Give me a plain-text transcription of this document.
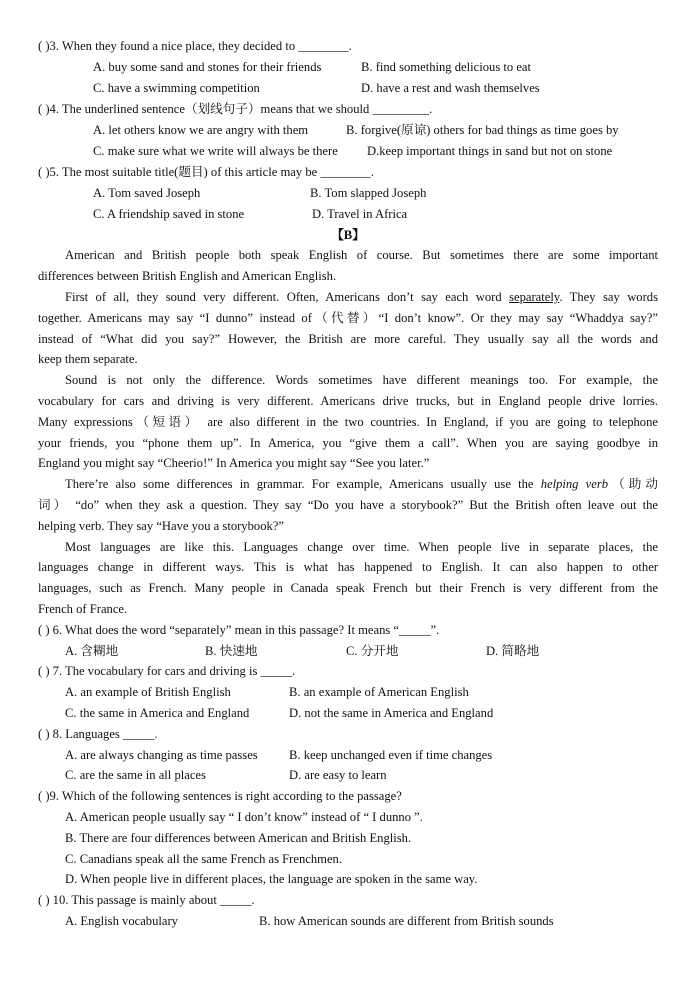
( )3. When they found a nice place, they decided to ________.
A. buy some sand and stones for their friends	B. find something delicious to eat
C. have a swimming competition	D. have a rest and wash themselves
( )4. The underlined sentence（划线句子）means that we should _________.
A. let others know we are angry with them	B. forgive(原谅) others for bad things as time goes by
C. make sure what we write will always be there D.keep important things in sand but not on stone
( )5. The most suitable title(题目) of this article may be ________.
A. Tom saved Joseph	B. Tom slapped Joseph
C. A friendship saved in stone	D. Travel in Africa
【B】
American and British people both speak English of course. But sometimes there are some important
differences between British English and American English.
First of all, they sound very different. Often, Americans don’t say each word separately. They say words
together. Americans may say “I dunno” instead of（代替）“I don’t know”. Or they may say “Whaddya say?”
instead of “What did you say?” However, the British are more careful. They usually say all the words and
keep them separate.
Sound is not only the difference. Words sometimes have different meanings too. For example, the
vocabulary for cars and driving is very different. Americans drive trucks, but in England people drive lorries.
Many expressions（短语） are also different in the two countries. In England, if you are going to telephone
your friends, you “phone them up”. In America, you “give them a call”. When you are saying goodbye in
England you might say “Cheerio!” In America you might say “See you later.”
There’re also some differences in grammar. For example, Americans usually use the helping verb（助动
词） “do” when they ask a question. They say “Do you have a storybook?” But the British often leave out the
helping verb. They say “Have you a storybook?”
Most languages are like this. Languages change over time. When people live in separate places, the
languages change in different ways. This is what has happened to English. It can also happen to other
languages, such as French. Many people in Canada speak French but their French is very different from the
French of France.
( ) 6. What does the word “separately” mean in this passage? It means “_____”.
A. 含糊地	B. 快速地	C. 分开地	D. 简略地
( ) 7. The vocabulary for cars and driving is _____.
A. an example of British English	B. an example of American English
C. the same in America and England	D. not the same in America and England
( ) 8. Languages _____.
A. are always changing as time passes B. keep unchanged even if time changes
C. are the same in all places	D. are easy to learn
( )9. Which of the following sentences is right according to the passage?
A. American people usually say “ I don’t know” instead of “ I dunno ”.
B. There are four differences between American and British English.
C. Canadians speak all the same French as Frenchmen.
D. When people live in different places, the language are spoken in the same way.
( ) 10. This passage is mainly about _____.
A. English vocabulary	B. how American sounds are different from British sounds
